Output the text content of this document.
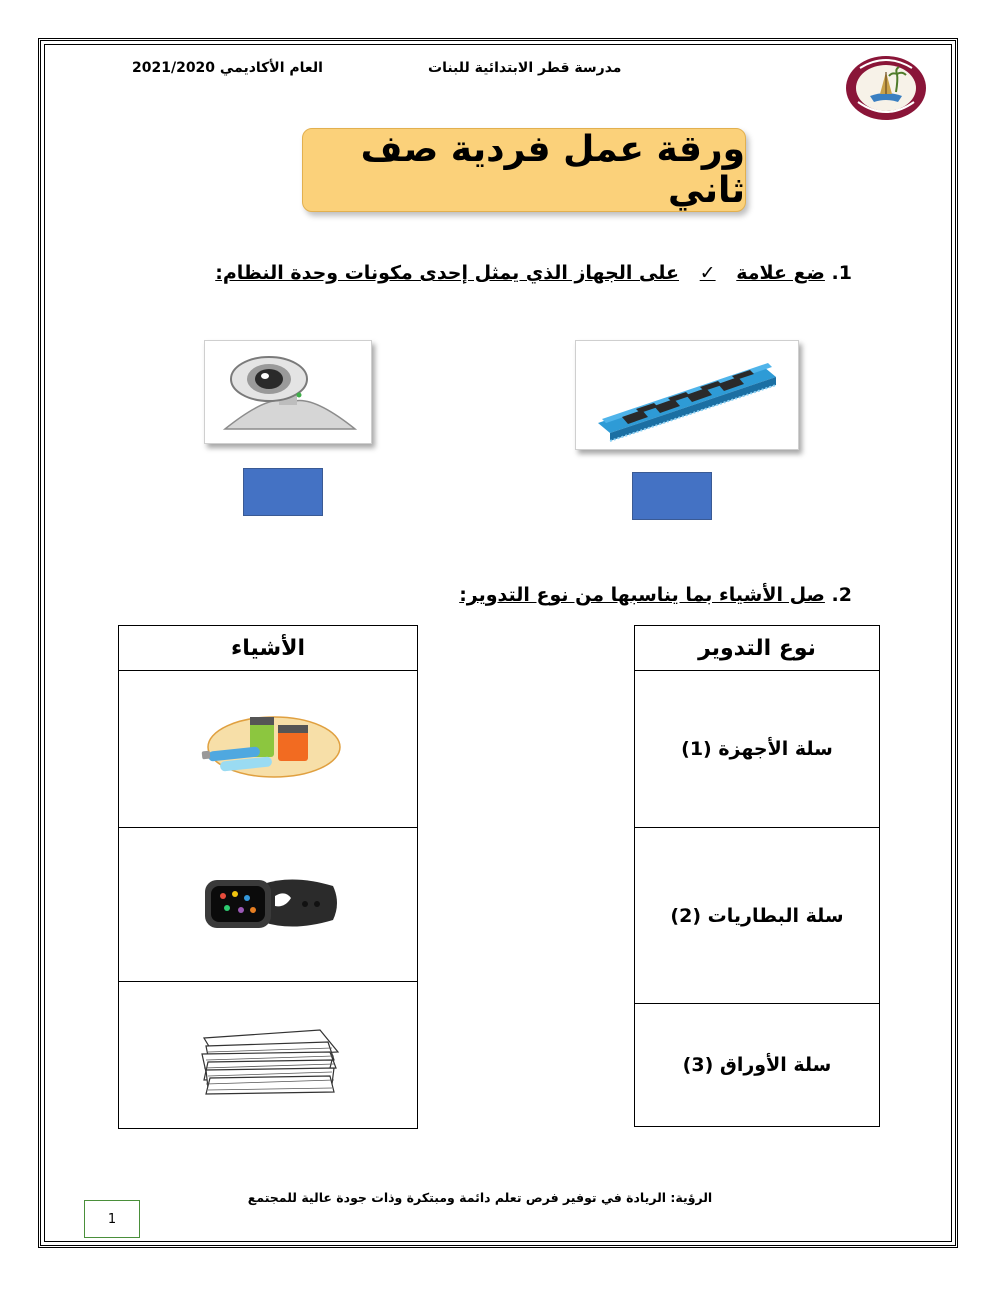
العام الأكاديمي 2021/2020	مدرسة قطر الابتدائية للبنات
ورقة عمل فردية صف ثاني
1. ضع علامة ✓ على الجهاز الذي يمثل إحدى مكونات وحدة النظام:
2. صل الأشياء بما يناسبها من نوع التدوير:
الأشياء	نوع التدوير
سلة الأجهزة (1)
سلة البطاريات (2)
سلة الأوراق (3)
الرؤية: الريادة في توفير فرص تعلم دائمة ومبتكرة وذات جودة عالية للمجتمع
1
